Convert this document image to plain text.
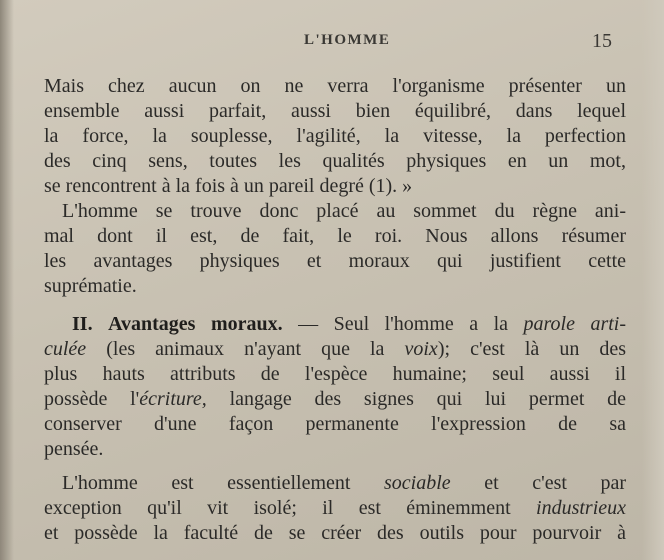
L'HOMME	15
Mais chez aucun on ne verra l'organisme présenter un
ensemble aussi parfait, aussi bien équilibré, dans lequel
la force, la souplesse, l'agilité, la vitesse, la perfection
des cinq sens, toutes les qualités physiques en un mot,
se rencontrent à la fois à un pareil degré (1). »
L'homme se trouve donc placé au sommet du règne ani-
mal dont il est, de fait, le roi. Nous allons résumer
les avantages physiques et moraux qui justifient cette
suprématie.
II. Avantages moraux. — Seul l'homme a la parole arti-
culée (les animaux n'ayant que la voix); c'est là un des
plus hauts attributs de l'espèce humaine; seul aussi il
possède l'écriture, langage des signes qui lui permet de
conserver d'une façon permanente l'expression de sa
pensée.
L'homme est essentiellement sociable et c'est par
exception qu'il vit isolé; il est éminemment industrieux
et possède la faculté de se créer des outils pour pourvoir à
